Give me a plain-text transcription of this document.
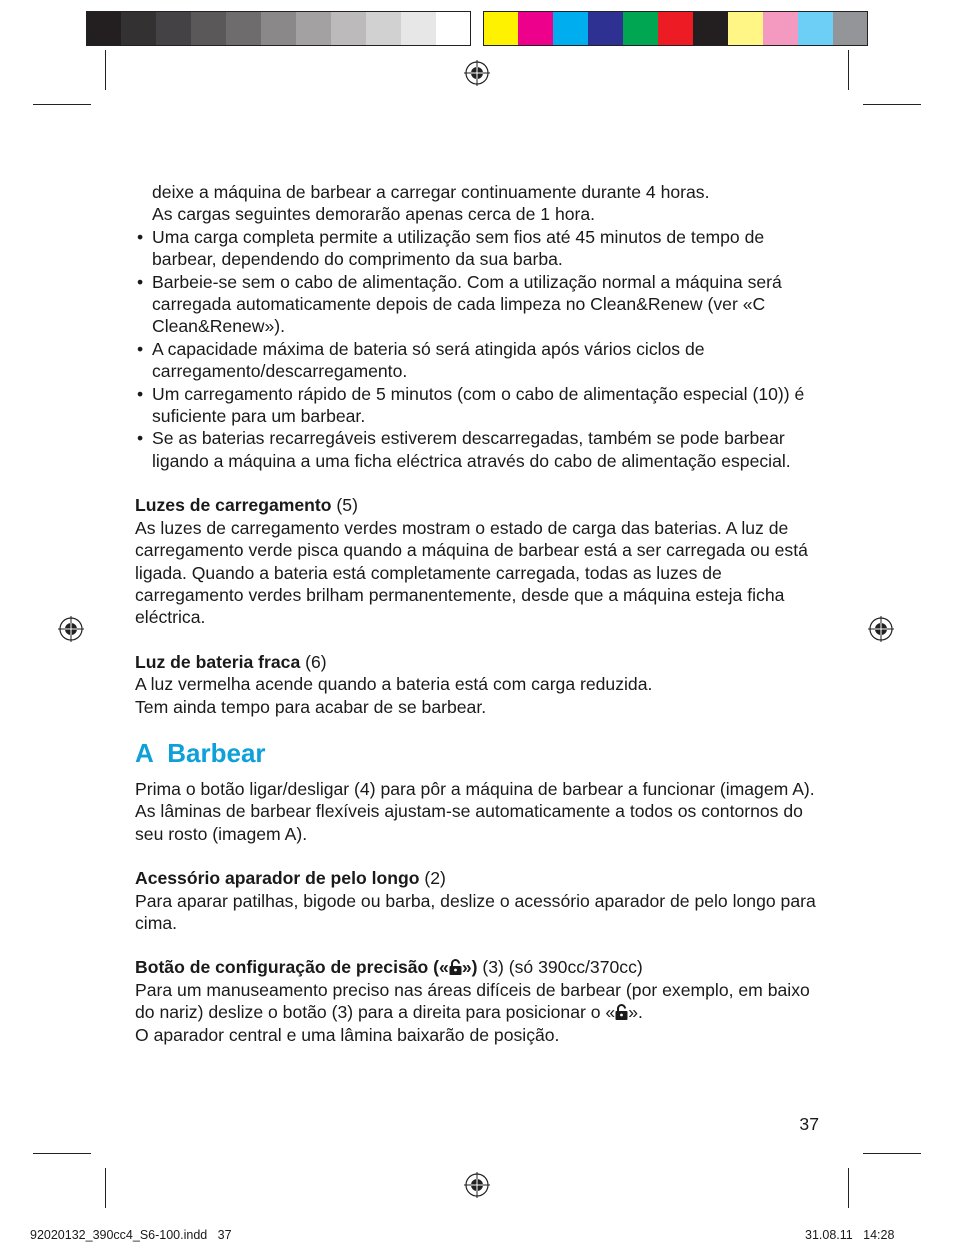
deixe a máquina de barbear a carregar continuamente durante 4 horas.

As cargas seguintes demorarão apenas cerca de 1 hora.

• Uma carga completa permite a utilização sem fios até 45 minutos de tempo de barbear, dependendo do comprimento da sua barba.
• Barbeie-se sem o cabo de alimentação. Com a utilização normal a máquina será carregada automaticamente depois de cada limpeza no Clean&Renew (ver «C Clean&Renew»).
• A capacidade máxima de bateria só será atingida após vários ciclos de carregamento/descarregamento.
• Um carregamento rápido de 5 minutos (com o cabo de alimentação especial (10)) é suficiente para um barbear.
• Se as baterias recarregáveis estiverem descarregadas, também se pode barbear ligando a máquina a uma ficha eléctrica através do cabo de alimentação especial.

Luzes de carregamento (5)

As luzes de carregamento verdes mostram o estado de carga das baterias. A luz de carregamento verde pisca quando a máquina de barbear está a ser carregada ou está ligada. Quando a bateria está completamente carregada, todas as luzes de carregamento verdes brilham permanentemente, desde que a máquina esteja ficha eléctrica.

Luz de bateria fraca (6)

A luz vermelha acende quando a bateria está com carga reduzida.

Tem ainda tempo para acabar de se barbear.

A  Barbear

Prima o botão ligar/desligar (4) para pôr a máquina de barbear a funcionar (imagem A).

As lâminas de barbear flexíveis ajustam-se automaticamente a todos os contornos do seu rosto (imagem A).

Acessório aparador de pelo longo (2)

Para aparar patilhas, bigode ou barba, deslize o acessório aparador de pelo longo para cima.

Botão de configuração de precisão (« ») (3) (só 390cc/370cc)

Para um manuseamento preciso nas áreas difíceis de barbear (por exemplo, em baixo do nariz) deslize o botão (3) para a direita para posicionar o « ».

O aparador central e uma lâmina baixarão de posição.

37
92020132_390cc4_S6-100.indd   37	31.08.11   14:28
